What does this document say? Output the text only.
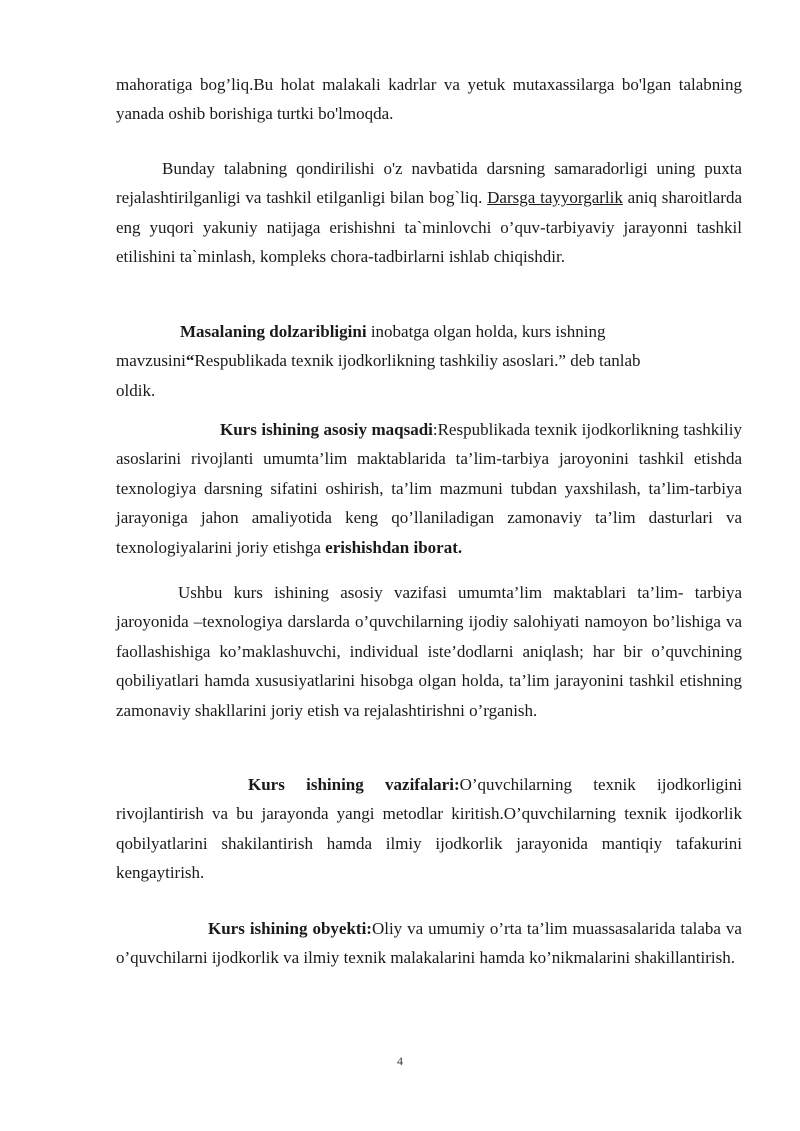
mahoratiga bog’liq.Bu holat malakali kadrlar va yetuk mutaxassilarga bo'lgan talabning yanada oshib borishiga turtki bo'lmoqda.

Bunday talabning qondirilishi o'z navbatida darsning samaradorligi uning puxta rejalashtirilganligi va tashkil etilganligi bilan bog`liq. Darsga tayyorgarlik aniq sharoitlarda eng yuqori yakuniy natijaga erishishni ta`minlovchi o’quv-tarbiyaviy jarayonni tashkil etilishini ta`minlash, kompleks chora-tadbirlarni ishlab chiqishdir.

Masalaning dolzaribligini inobatga olgan holda, kurs ishning
mavzusini“Respublikada texnik ijodkorlikning tashkiliy asoslari.” deb tanlab
oldik.

Kurs ishining asosiy maqsadi:Respublikada texnik ijodkorlikning tashkiliy asoslarini rivojlanti umumta’lim maktablarida ta’lim-tarbiya jaroyonini tashkil etishda texnologiya darsning sifatini oshirish, ta’lim mazmuni tubdan yaxshilash, ta’lim-tarbiya jarayoniga jahon amaliyotida keng qo’llaniladigan zamonaviy ta’lim dasturlari va texnologiyalarini joriy etishga erishishdan iborat.

Ushbu kurs ishining asosiy vazifasi umumta’lim maktablari ta’lim- tarbiya jaroyonida –texnologiya darslarda o’quvchilarning ijodiy salohiyati namoyon bo’lishiga va faollashishiga ko’maklashuvchi, individual iste’dodlarni aniqlash; har bir o’quvchining qobiliyatlari hamda xususiyatlarini hisobga olgan holda, ta’lim jarayonini tashkil etishning zamonaviy shakllarini joriy etish va rejalashtirishni o’rganish.

Kurs ishining vazifalari:O’quvchilarning texnik ijodkorligini rivojlantirish va bu jarayonda yangi metodlar kiritish.O’quvchilarning texnik ijodkorlik qobilyatlarini shakilantirish hamda ilmiy ijodkorlik jarayonida mantiqiy tafakurini kengaytirish.

Kurs ishining obyekti:Oliy va umumiy o’rta ta’lim muassasalarida talaba va o’quvchilarni ijodkorlik va ilmiy texnik malakalarini hamda ko’nikmalarini shakillantirish.

4
